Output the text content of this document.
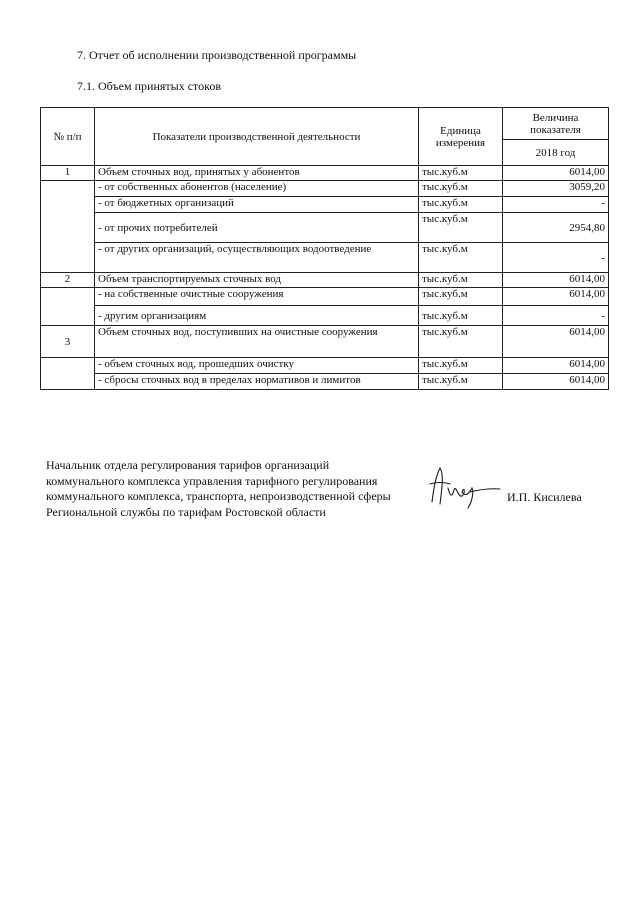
7. Отчет об исполнении производственной программы
7.1. Объем принятых стоков
№ п/п	Показатели производственной деятельности	Единица измерения	Величина показателя
			2018 год
1	Объем сточных вод, принятых у абонентов	тыс.куб.м	6014,00
	- от собственных абонентов (население)	тыс.куб.м	3059,20
	- от бюджетных организаций	тыс.куб.м	-
	- от прочих потребителей	тыс.куб.м	2954,80
	- от других организаций, осуществляющих водоотведение	тыс.куб.м	-
2	Объем транспортируемых сточных вод	тыс.куб.м	6014,00
	- на собственные очистные сооружения	тыс.куб.м	6014,00
	- другим организациям	тыс.куб.м	-
3	Объем сточных вод, поступивших на очистные сооружения	тыс.куб.м	6014,00
	- объем сточных вод, прошедших очистку	тыс.куб.м	6014,00
	- сбросы сточных вод в пределах нормативов и лимитов	тыс.куб.м	6014,00
Начальник отдела регулирования тарифов организаций
коммунального комплекса управления тарифного регулирования
коммунального комплекса, транспорта, непроизводственной сферы
Региональной службы по тарифам Ростовской области
И.П. Кисилева
